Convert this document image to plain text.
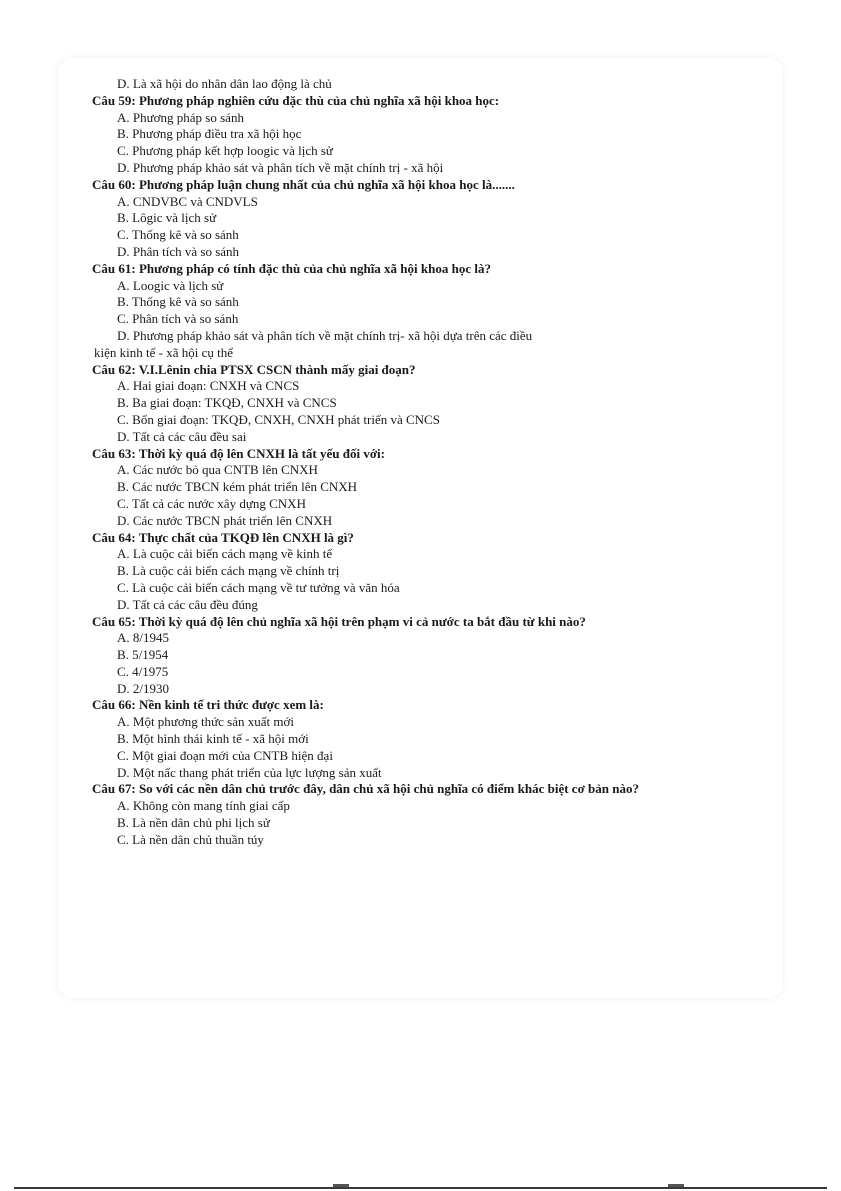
D. Là xã hội do nhân dân lao động là chủ
Câu 59: Phương pháp nghiên cứu đặc thù của chủ nghĩa xã hội khoa học:
A. Phương pháp so sánh
B. Phương pháp điều tra xã hội học
C. Phương pháp kết hợp loogic và lịch sử
D. Phương pháp khảo sát và phân tích về mặt chính trị - xã hội
Câu 60: Phương pháp luận chung nhất của chủ nghĩa xã hội khoa học là.......
A. CNDVBC và CNDVLS
B. Lôgic và lịch sử
C. Thống kê và so sánh
D. Phân tích và so sánh
Câu 61: Phương pháp có tính đặc thù của chủ nghĩa xã hội khoa học là?
A. Loogic và lịch sử
B. Thống kê và so sánh
C. Phân tích và so sánh
D. Phương pháp khảo sát và phân tích về mặt chính trị- xã hội dựa trên các điều
kiện kinh tế - xã hội cụ thể
Câu 62: V.I.Lênin chia PTSX CSCN thành mấy giai đoạn?
A. Hai giai đoạn: CNXH và CNCS
B. Ba giai đoạn: TKQĐ, CNXH và CNCS
C. Bốn giai đoạn: TKQĐ, CNXH, CNXH phát triển và CNCS
D. Tất cả các câu đều sai
Câu 63: Thời kỳ quá độ lên CNXH là tất yếu đối với:
A. Các nước bỏ qua CNTB lên CNXH
B. Các nước TBCN kém phát triển lên CNXH
C. Tất cả các nước xây dựng CNXH
D. Các nước TBCN phát triển lên CNXH
Câu 64: Thực chất của TKQĐ lên CNXH là gì?
A. Là cuộc cải biến cách mạng về kinh tế
B. Là cuộc cải biến cách mạng về chính trị
C. Là cuộc cải biến cách mạng về tư tưởng và văn hóa
D. Tất cả các câu đều đúng
Câu 65: Thời kỳ quá độ lên chủ nghĩa xã hội trên phạm vi cả nước ta bắt đầu từ khi nào?
A. 8/1945
B. 5/1954
C. 4/1975
D. 2/1930
Câu 66: Nền kinh tế tri thức được xem là:
A. Một phương thức sản xuất mới
B. Một hình thái kinh tế - xã hội mới
C. Một giai đoạn mới của CNTB hiện đại
D. Một nấc thang phát triển của lực lượng sản xuất
Câu 67: So với các nền dân chủ trước đây, dân chủ xã hội chủ nghĩa có điểm khác biệt cơ bản nào?
A. Không còn mang tính giai cấp
B. Là nền dân chủ phi lịch sử
C. Là nền dân chủ thuần túy
